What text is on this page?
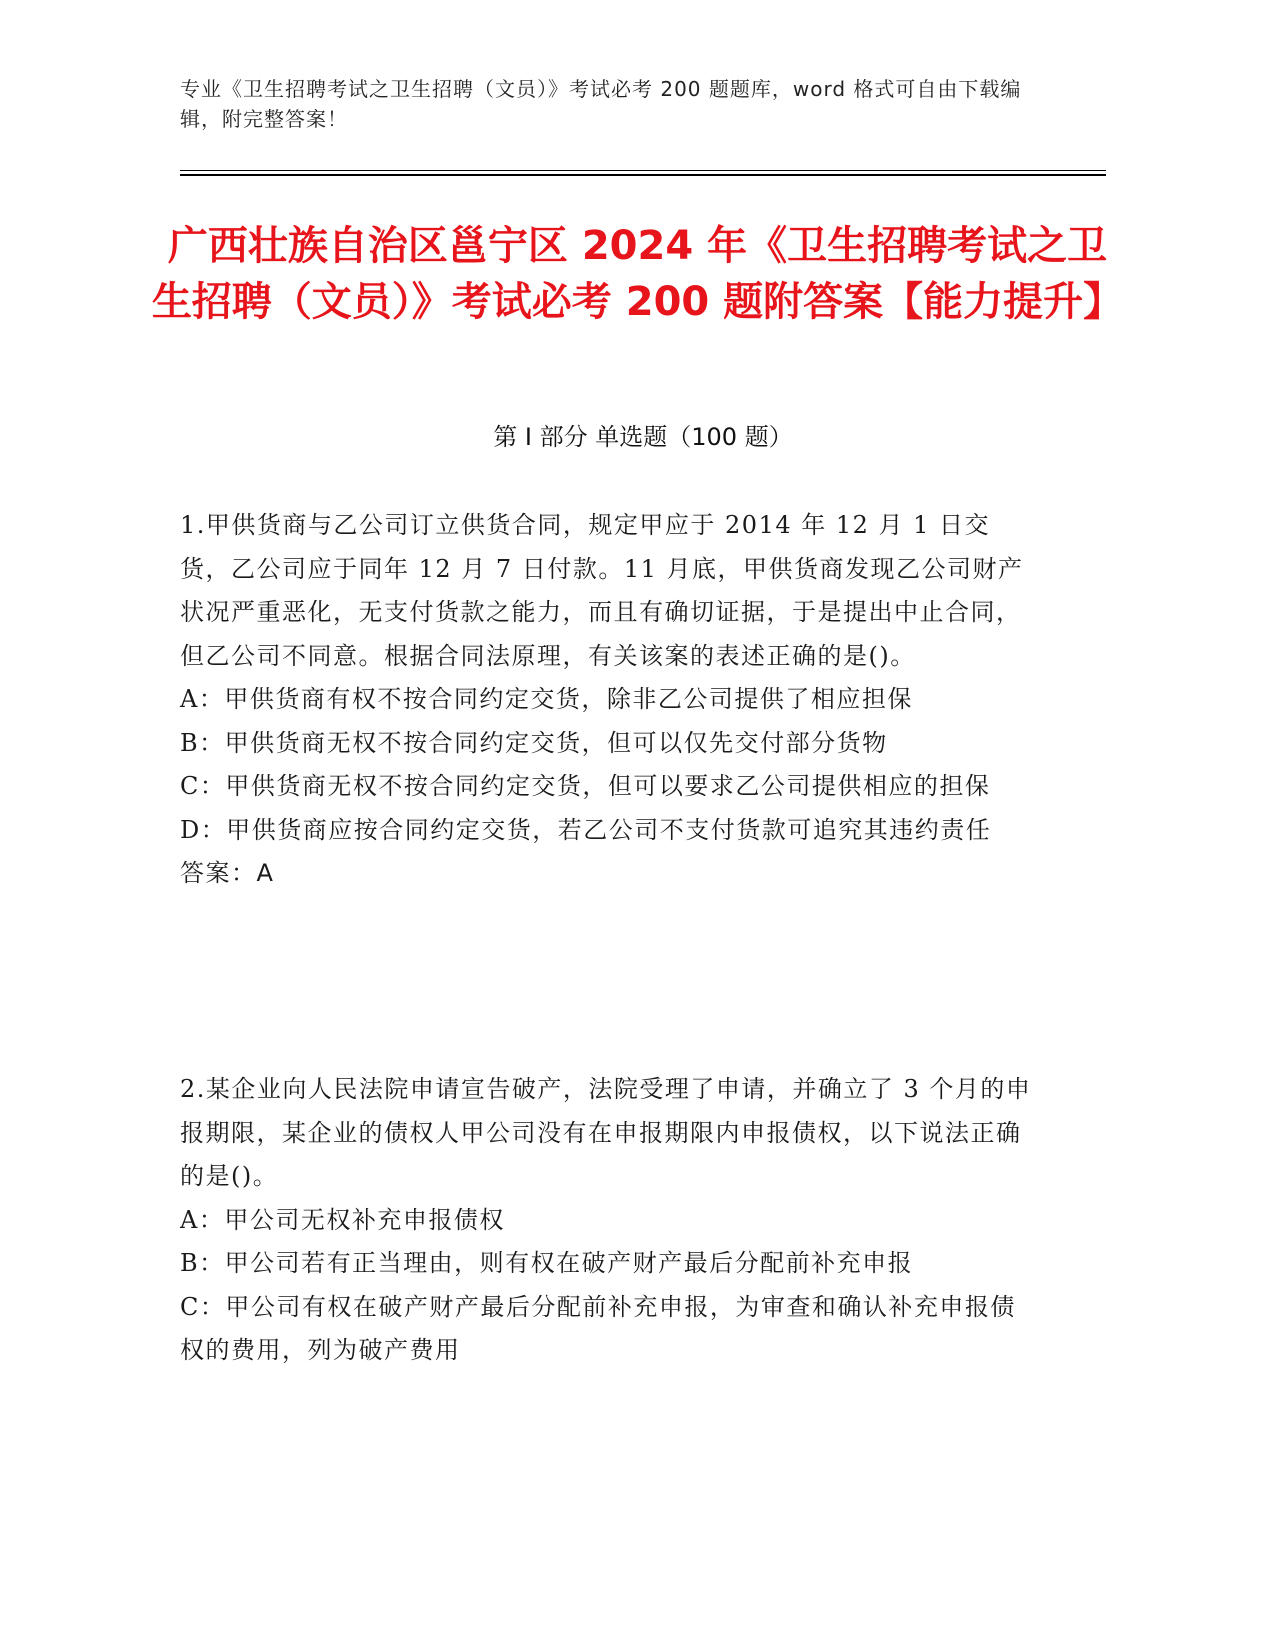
专业《卫生招聘考试之卫生招聘（文员）》考试必考 200 题题库，word 格式可自由下载编辑，附完整答案！
广西壮族自治区邕宁区 2024 年《卫生招聘考试之卫生招聘（文员）》考试必考 200 题附答案【能力提升】
第 I 部分 单选题（100 题）

1.甲供货商与乙公司订立供货合同，规定甲应于 2014 年 12 月 1 日交货，乙公司应于同年 12 月 7 日付款。11 月底，甲供货商发现乙公司财产状况严重恶化，无支付货款之能力，而且有确切证据，于是提出中止合同，但乙公司不同意。根据合同法原理，有关该案的表述正确的是()。

A：甲供货商有权不按合同约定交货，除非乙公司提供了相应担保

B：甲供货商无权不按合同约定交货，但可以仅先交付部分货物

C：甲供货商无权不按合同约定交货，但可以要求乙公司提供相应的担保

D：甲供货商应按合同约定交货，若乙公司不支付货款可追究其违约责任

答案：A

2.某企业向人民法院申请宣告破产，法院受理了申请，并确立了 3 个月的申报期限，某企业的债权人甲公司没有在申报期限内申报债权，以下说法正确的是()。

A：甲公司无权补充申报债权

B：甲公司若有正当理由，则有权在破产财产最后分配前补充申报

C：甲公司有权在破产财产最后分配前补充申报，为审查和确认补充申报债权的费用，列为破产费用
